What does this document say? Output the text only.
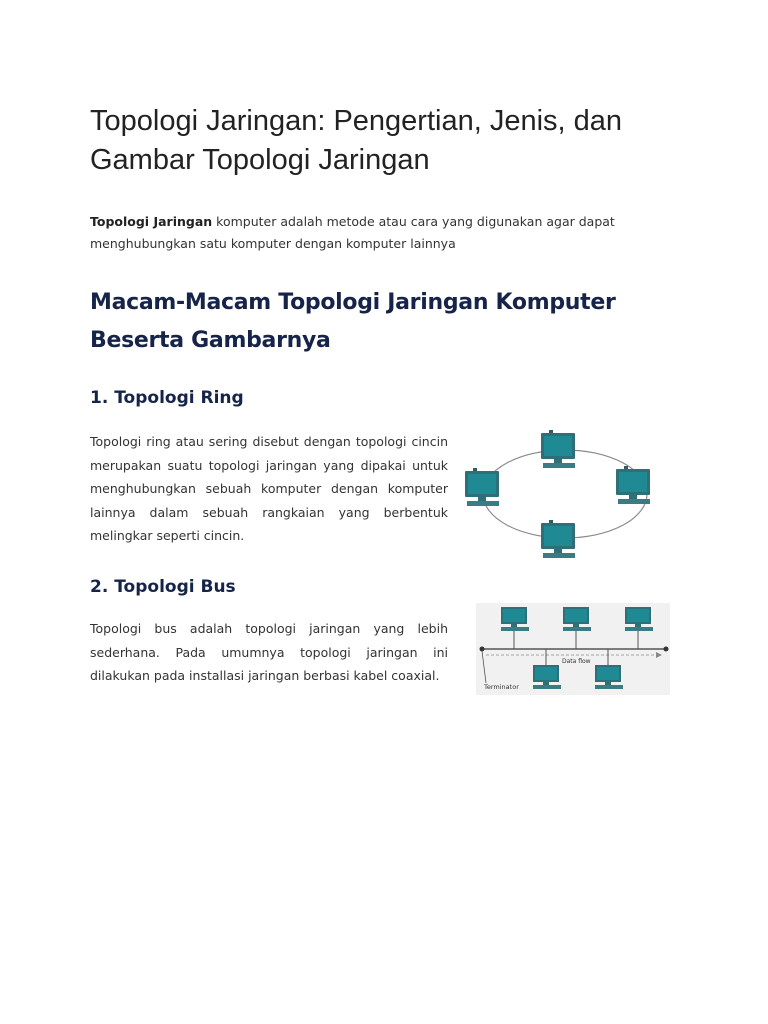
Topologi Jaringan: Pengertian, Jenis, dan Gambar Topologi Jaringan

Topologi Jaringan komputer adalah metode atau cara yang digunakan agar dapat menghubungkan satu komputer dengan komputer lainnya

Macam-Macam Topologi Jaringan Komputer Beserta Gambarnya
1. Topologi Ring

Topologi ring atau sering disebut dengan topologi cincin merupakan suatu topologi jaringan yang dipakai untuk menghubungkan sebuah komputer dengan komputer lainnya dalam sebuah rangkaian yang berbentuk melingkar seperti cincin.

2. Topologi Bus

Topologi bus adalah topologi jaringan yang lebih sederhana. Pada umumnya topologi jaringan ini dilakukan pada installasi jaringan berbasi kabel coaxial.

Data flow
Terminator
